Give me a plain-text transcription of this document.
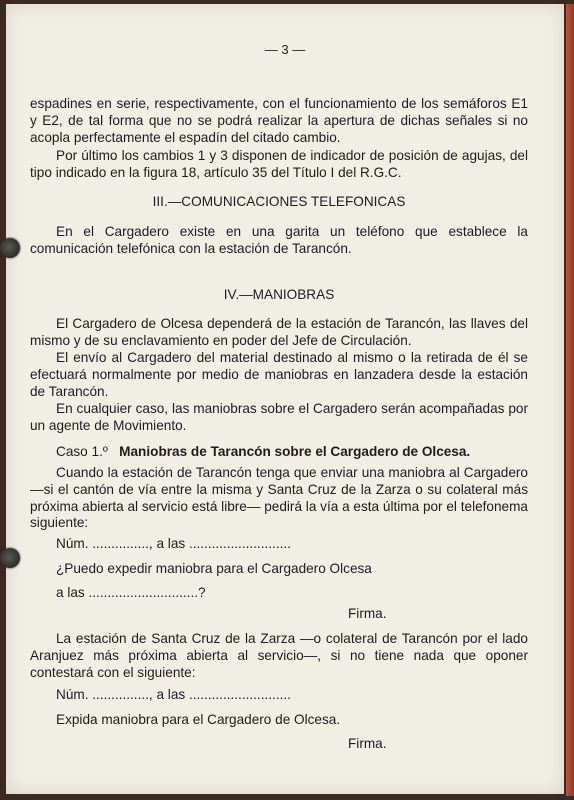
— 3 —

espadines en serie, respectivamente, con el funcionamiento de los semáforos E1 y E2, de tal forma que no se podrá realizar la apertura de dichas señales si no acopla perfectamente el espadín del citado cambio.

Por último los cambios 1 y 3 disponen de indicador de posición de agujas, del tipo indicado en la figura 18, artículo 35 del Título I del R.G.C.

III.—COMUNICACIONES TELEFONICAS

En el Cargadero existe en una garita un teléfono que establece la comunicación telefónica con la estación de Tarancón.

IV.—MANIOBRAS

El Cargadero de Olcesa dependerá de la estación de Tarancón, las llaves del mismo y de su enclavamiento en poder del Jefe de Circulación.

El envío al Cargadero del material destinado al mismo o la retirada de él se efectuará normalmente por medio de maniobras en lanzadera desde la estación de Tarancón.

En cualquier caso, las maniobras sobre el Cargadero serán acompañadas por un agente de Movimiento.

Caso 1.º Maniobras de Tarancón sobre el Cargadero de Olcesa.

Cuando la estación de Tarancón tenga que enviar una maniobra al Cargadero —si el cantón de vía entre la misma y Santa Cruz de la Zarza o su colateral más próxima abierta al servicio está libre— pedirá la vía a esta última por el telefonema siguiente:

Núm. ..............., a las ...........................

¿Puedo expedir maniobra para el Cargadero Olcesa

a las .............................?

Firma.

La estación de Santa Cruz de la Zarza —o colateral de Tarancón por el lado Aranjuez más próxima abierta al servicio—, si no tiene nada que oponer contestará con el siguiente:

Núm. ..............., a las ...........................

Expida maniobra para el Cargadero de Olcesa.

Firma.
